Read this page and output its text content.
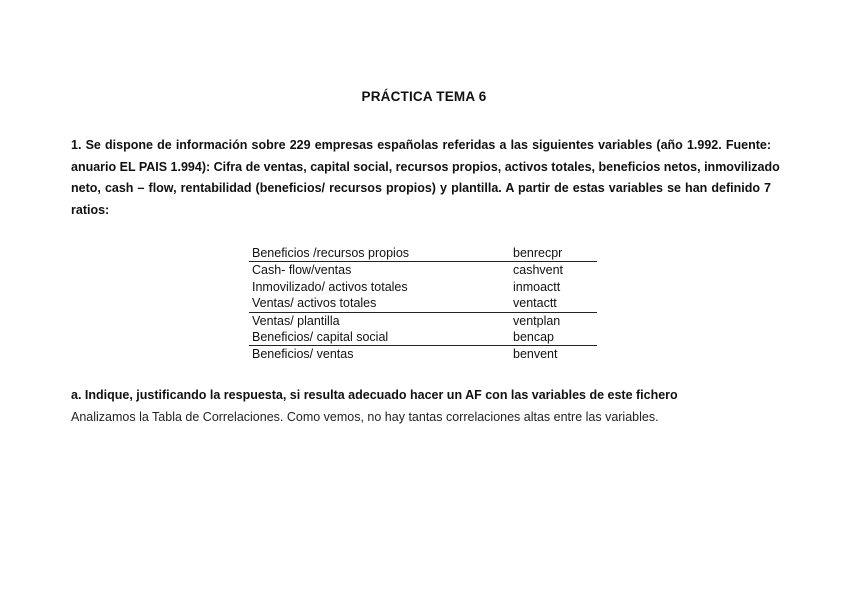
PRÁCTICA TEMA 6
1. Se dispone de información sobre 229 empresas españolas referidas a las siguientes variables (año 1.992. Fuente:
anuario EL PAIS 1.994): Cifra de ventas, capital social, recursos propios, activos totales, beneficios netos, inmovilizado
neto, cash – flow, rentabilidad (beneficios/ recursos propios) y plantilla. A partir de estas variables se han definido 7
ratios:
Beneficios /recursos propios	benrecpr
Cash- flow/ventas	cashvent
Inmovilizado/ activos totales	inmoactt
Ventas/ activos totales	ventactt
Ventas/ plantilla	ventplan
Beneficios/ capital social	bencap
Beneficios/ ventas	benvent
a. Indique, justificando la respuesta, si resulta adecuado hacer un AF con las variables de este fichero
Analizamos la Tabla de Correlaciones. Como vemos, no hay tantas correlaciones altas entre las variables.
